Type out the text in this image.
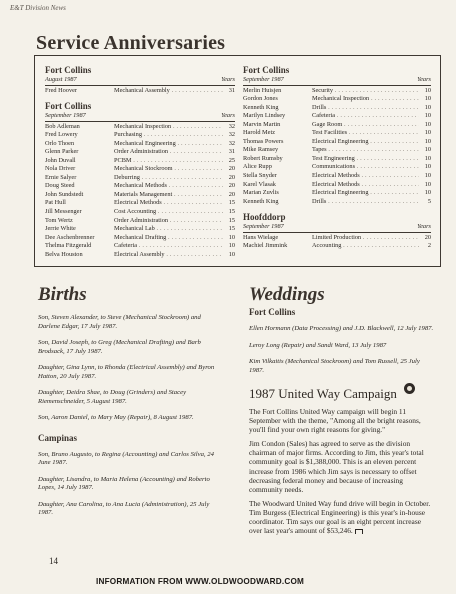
E&T Division News
Service Anniversaries
Fort Collins
August 1987	Years
Fred Hoover	Mechanical Assembly . . .	31
Fort Collins
September 1987	Years
Bob Adleman	Mechanical Inspection . . .	32
Fred Lowery	Purchasing . . .	32
Orlo Thoen	Mechanical Engineering . . .	32
Glenn Parker	Order Administration . . .	31
John Duvall	PCBM . . .	25
Nola Driver	Mechanical Stockroom . . .	20
Ernie Salyer	Deburring . . .	20
Doug Steed	Mechanical Methods . . .	20
John Sundstedt	Materials Management . . .	20
Pat Hull	Electrical Methods . . .	15
Jill Messenger	Cost Accounting . . .	15
Tom Wertz	Order Administration . . .	15
Jerrie White	Mechanical Lab . . .	15
Dee Aschenbrenner	Mechanical Drafting . . .	10
Thelma Fitzgerald	Cafeteria . . .	10
Belva Houston	Electrical Assembly . . .	10
Fort Collins
September 1987	Years
Merlin Huisjen	Security . . .	10
Gordon Jones	Mechanical Inspection . . .	10
Kenneth King	Drills . . .	10
Marilyn Lindsey	Cafeteria . . .	10
Marvin Martin	Gage Room . . .	10
Harold Metz	Test Facilities . . .	10
Thomas Powers	Electrical Engineering . . .	10
Mike Ramsey	Tapes . . .	10
Robert Rumsby	Test Engineering . . .	10
Alice Rupp	Communications . . .	10
Stella Snyder	Electrical Methods . . .	10
Karel Vlasak	Electrical Methods . . .	10
Marian Zuvlis	Electrical Engineering . . .	10
Kenneth King	Drills . . .	5
Hoofddorp
September 1987	Years
Hans Wielage	Limited Production . . .	20
Machiel Jimmink	Accounting . . .	2
Births
Son, Steven Alexander, to Steve (Mechanical Stockroom) and Darlene Edgar, 17 July 1987.
Son, David Joseph, to Greg (Mechanical Drafting) and Barb Brodsack, 17 July 1987.
Daughter, Gina Lynn, to Rhonda (Electrical Assembly) and Byron Hatton, 20 July 1987.
Daughter, Deidra Shae, to Doug (Grinders) and Stacey Riemenschneider, 5 August 1987.
Son, Aaron Daniel, to Mary May (Repair), 8 August 1987.
Campinas
Son, Bruno Augusto, to Regina (Accounting) and Carlos Silva, 24 June 1987.
Daughter, Lisandra, to Maria Helena (Accounting) and Roberto Lopes, 14 July 1987.
Daughter, Ana Carolina, to Ana Lucia (Administration), 25 July 1987.
Weddings
Fort Collins
Ellen Hormann (Data Processing) and J.D. Blackwell, 12 July 1987.
Leroy Long (Repair) and Sandi Ward, 13 July 1987
Kim Vilkaitis (Mechanical Stockroom) and Tom Russell, 25 July 1987.
1987 United Way Campaign
The Fort Collins United Way campaign will begin 11 September with the theme, "Among all the bright reasons, you'll find your own right reasons for giving."
Jim Condon (Sales) has agreed to serve as the division chairman of major firms. According to Jim, this year's total community goal is $1,388,000. This is an eleven percent increase from 1986 which Jim says is necessary to offset decreasing federal money and because of increasing community needs.
The Woodward United Way fund drive will begin in October. Tim Burgess (Electrical Engineering) is this year's in-house coordinator. Tim says our goal is an eight percent increase over last year's amount of $53,246.
14
INFORMATION FROM WWW.OLDWOODWARD.COM
